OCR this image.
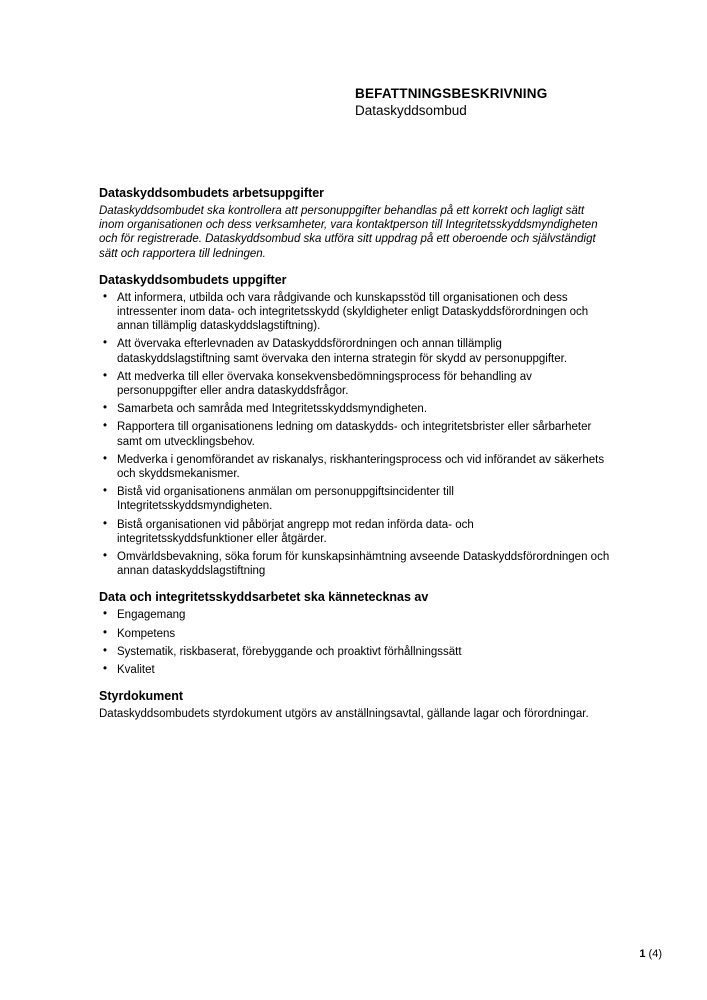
BEFATTNINGSBESKRIVNING
Dataskyddsombud
Dataskyddsombudets arbetsuppgifter

Dataskyddsombudet ska kontrollera att personuppgifter behandlas på ett korrekt och lagligt sätt inom organisationen och dess verksamheter, vara kontaktperson till Integritetsskyddsmyndigheten och för registrerade. Dataskyddsombud ska utföra sitt uppdrag på ett oberoende och självständigt sätt och rapportera till ledningen.

Dataskyddsombudets uppgifter
• Att informera, utbilda och vara rådgivande och kunskapsstöd till organisationen och dess intressenter inom data- och integritetsskydd (skyldigheter enligt Dataskyddsförordningen och annan tillämplig dataskyddslagstiftning).
• Att övervaka efterlevnaden av Dataskyddsförordningen och annan tillämplig dataskyddslagstiftning samt övervaka den interna strategin för skydd av personuppgifter.
• Att medverka till eller övervaka konsekvensbedömningsprocess för behandling av personuppgifter eller andra dataskyddsfrågor.
• Samarbeta och samråda med Integritetsskyddsmyndigheten.
• Rapportera till organisationens ledning om dataskydds- och integritetsbrister eller sårbarheter samt om utvecklingsbehov.
• Medverka i genomförandet av riskanalys, riskhanteringsprocess och vid införandet av säkerhets och skyddsmekanismer.
• Bistå vid organisationens anmälan om personuppgiftsincidenter till Integritetsskyddsmyndigheten.
• Bistå organisationen vid påbörjat angrepp mot redan införda data- och integritetsskyddsfunktioner eller åtgärder.
• Omvärldsbevakning, söka forum för kunskapsinhämtning avseende Dataskyddsförordningen och annan dataskyddslagstiftning
Data och integritetsskyddsarbetet ska kännetecknas av
• Engagemang
• Kompetens
• Systematik, riskbaserat, förebyggande och proaktivt förhållningssätt
• Kvalitet
Styrdokument

Dataskyddsombudets styrdokument utgörs av anställningsavtal, gällande lagar och förordningar.

1 (4)
